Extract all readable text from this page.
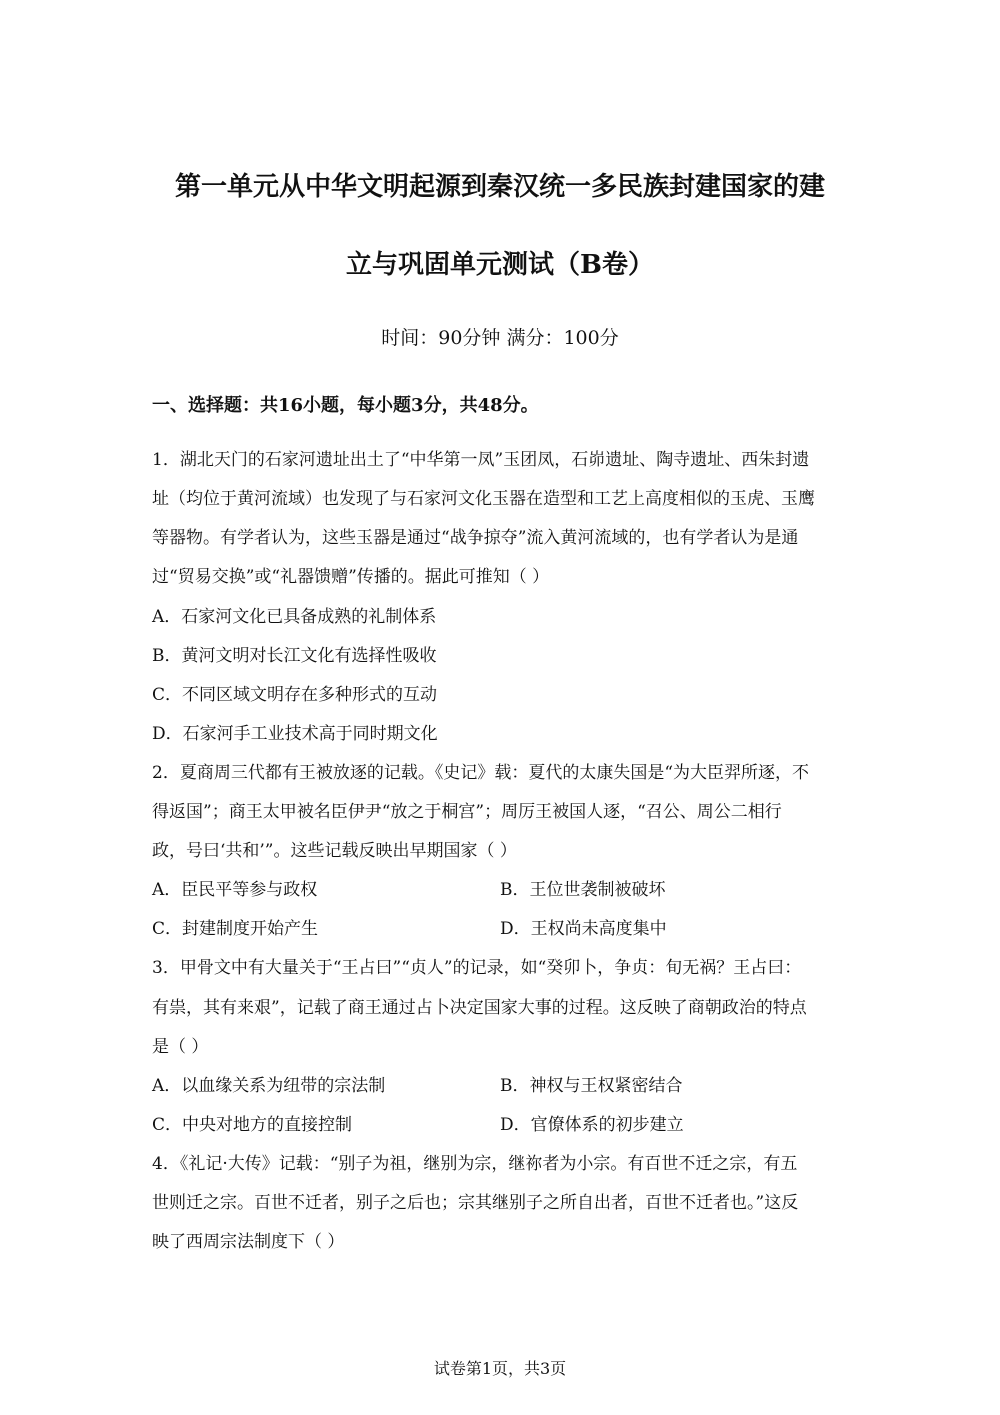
第一单元从中华文明起源到秦汉统一多民族封建国家的建
立与巩固单元测试（B卷）
时间：90分钟 满分：100分
一、选择题：共16小题，每小题3分，共48分。
1．湖北天门的石家河遗址出土了“中华第一凤”玉团凤，石峁遗址、陶寺遗址、西朱封遗
址（均位于黄河流域）也发现了与石家河文化玉器在造型和工艺上高度相似的玉虎、玉鹰
等器物。有学者认为，这些玉器是通过“战争掠夺”流入黄河流域的，也有学者认为是通
过“贸易交换”或“礼器馈赠”传播的。据此可推知（ ）
A．石家河文化已具备成熟的礼制体系
B．黄河文明对长江文化有选择性吸收
C．不同区域文明存在多种形式的互动
D．石家河手工业技术高于同时期文化
2．夏商周三代都有王被放逐的记载。《史记》载：夏代的太康失国是“为大臣羿所逐，不
得返国”；商王太甲被名臣伊尹“放之于桐宫”；周厉王被国人逐，“召公、周公二相行
政，号曰‘共和’”。这些记载反映出早期国家（ ）
A．臣民平等参与政权	B．王位世袭制被破坏
C．封建制度开始产生	D．王权尚未高度集中
3．甲骨文中有大量关于“王占曰”“贞人”的记录，如“癸卯卜，争贞：旬无祸？王占曰：
有祟，其有来艰”，记载了商王通过占卜决定国家大事的过程。这反映了商朝政治的特点
是（ ）
A．以血缘关系为纽带的宗法制	B．神权与王权紧密结合
C．中央对地方的直接控制	D．官僚体系的初步建立
4．《礼记·大传》记载：“别子为祖，继别为宗，继祢者为小宗。有百世不迁之宗，有五
世则迁之宗。百世不迁者，别子之后也；宗其继别子之所自出者，百世不迁者也。”这反
映了西周宗法制度下（ ）
试卷第1页，共3页
